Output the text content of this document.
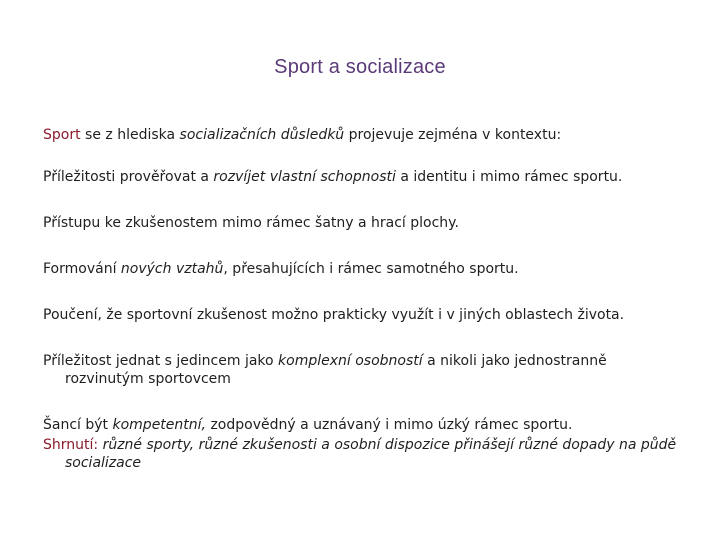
Sport a socializace

Sport se z hlediska socializačních důsledků projevuje zejména v kontextu:

Příležitosti prověřovat a rozvíjet vlastní schopnosti a identitu i mimo rámec sportu.

Přístupu ke zkušenostem mimo rámec šatny a hrací plochy.

Formování nových vztahů, přesahujících i rámec samotného sportu.

Poučení, že sportovní zkušenost možno prakticky využít i v jiných oblastech života.

Příležitost jednat s jedincem jako komplexní osobností a nikoli jako jednostranně rozvinutým sportovcem

Šancí být kompetentní, zodpovědný a uznávaný i mimo úzký rámec sportu.

Shrnutí: různé sporty, různé zkušenosti a osobní dispozice přinášejí různé dopady na půdě socializace
